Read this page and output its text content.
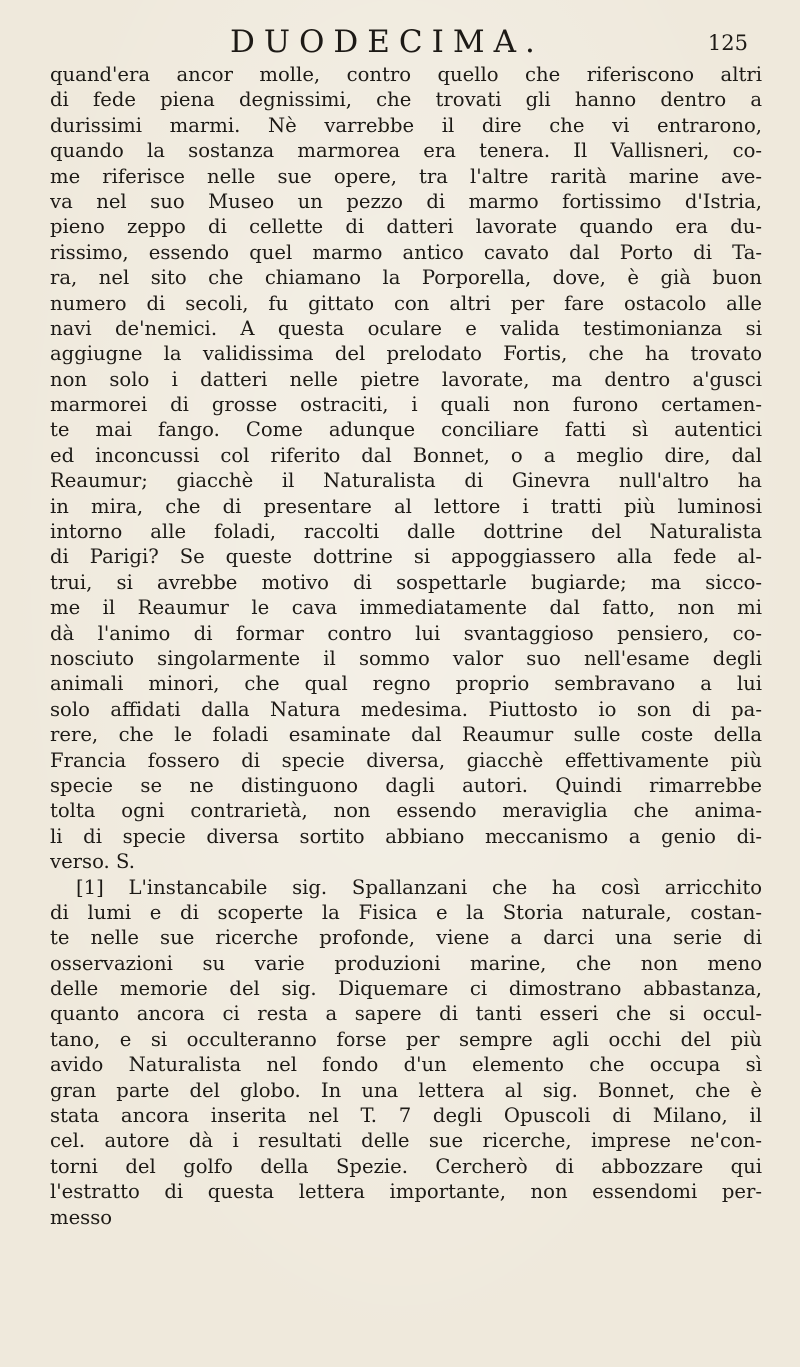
DUODECIMA.	125
quand'era ancor molle, contro quello che riferiscono altri
di fede piena degnissimi, che trovati gli hanno dentro a
durissimi marmi. Nè varrebbe il dire che vi entrarono,
quando la sostanza marmorea era tenera. Il Vallisneri, co-
me riferisce nelle sue opere, tra l'altre rarità marine ave-
va nel suo Museo un pezzo di marmo fortissimo d'Istria,
pieno zeppo di cellette di datteri lavorate quando era du-
rissimo, essendo quel marmo antico cavato dal Porto di Ta-
ra, nel sito che chiamano la Porporella, dove, è già buon
numero di secoli, fu gittato con altri per fare ostacolo alle
navi de'nemici. A questa oculare e valida testimonianza si
aggiugne la validissima del prelodato Fortis, che ha trovato
non solo i datteri nelle pietre lavorate, ma dentro a'gusci
marmorei di grosse ostraciti, i quali non furono certamen-
te mai fango. Come adunque conciliare fatti sì autentici
ed inconcussi col riferito dal Bonnet, o a meglio dire, dal
Reaumur; giacchè il Naturalista di Ginevra null'altro ha
in mira, che di presentare al lettore i tratti più luminosi
intorno alle foladi, raccolti dalle dottrine del Naturalista
di Parigi? Se queste dottrine si appoggiassero alla fede al-
trui, si avrebbe motivo di sospettarle bugiarde; ma sicco-
me il Reaumur le cava immediatamente dal fatto, non mi
dà l'animo di formar contro lui svantaggioso pensiero, co-
nosciuto singolarmente il sommo valor suo nell'esame degli
animali minori, che qual regno proprio sembravano a lui
solo affidati dalla Natura medesima. Piuttosto io son di pa-
rere, che le foladi esaminate dal Reaumur sulle coste della
Francia fossero di specie diversa, giacchè effettivamente più
specie se ne distinguono dagli autori. Quindi rimarrebbe
tolta ogni contrarietà, non essendo meraviglia che anima-
li di specie diversa sortito abbiano meccanismo a genio di-
verso. S.
[1] L'instancabile sig. Spallanzani che ha così arricchito
di lumi e di scoperte la Fisica e la Storia naturale, costan-
te nelle sue ricerche profonde, viene a darci una serie di
osservazioni su varie produzioni marine, che non meno
delle memorie del sig. Diquemare ci dimostrano abbastanza,
quanto ancora ci resta a sapere di tanti esseri che si occul-
tano, e si occulteranno forse per sempre agli occhi del più
avido Naturalista nel fondo d'un elemento che occupa sì
gran parte del globo. In una lettera al sig. Bonnet, che è
stata ancora inserita nel T. 7 degli Opuscoli di Milano, il
cel. autore dà i resultati delle sue ricerche, imprese ne'con-
torni del golfo della Spezie. Cercherò di abbozzare qui
l'estratto di questa lettera importante, non essendomi per-
messo
